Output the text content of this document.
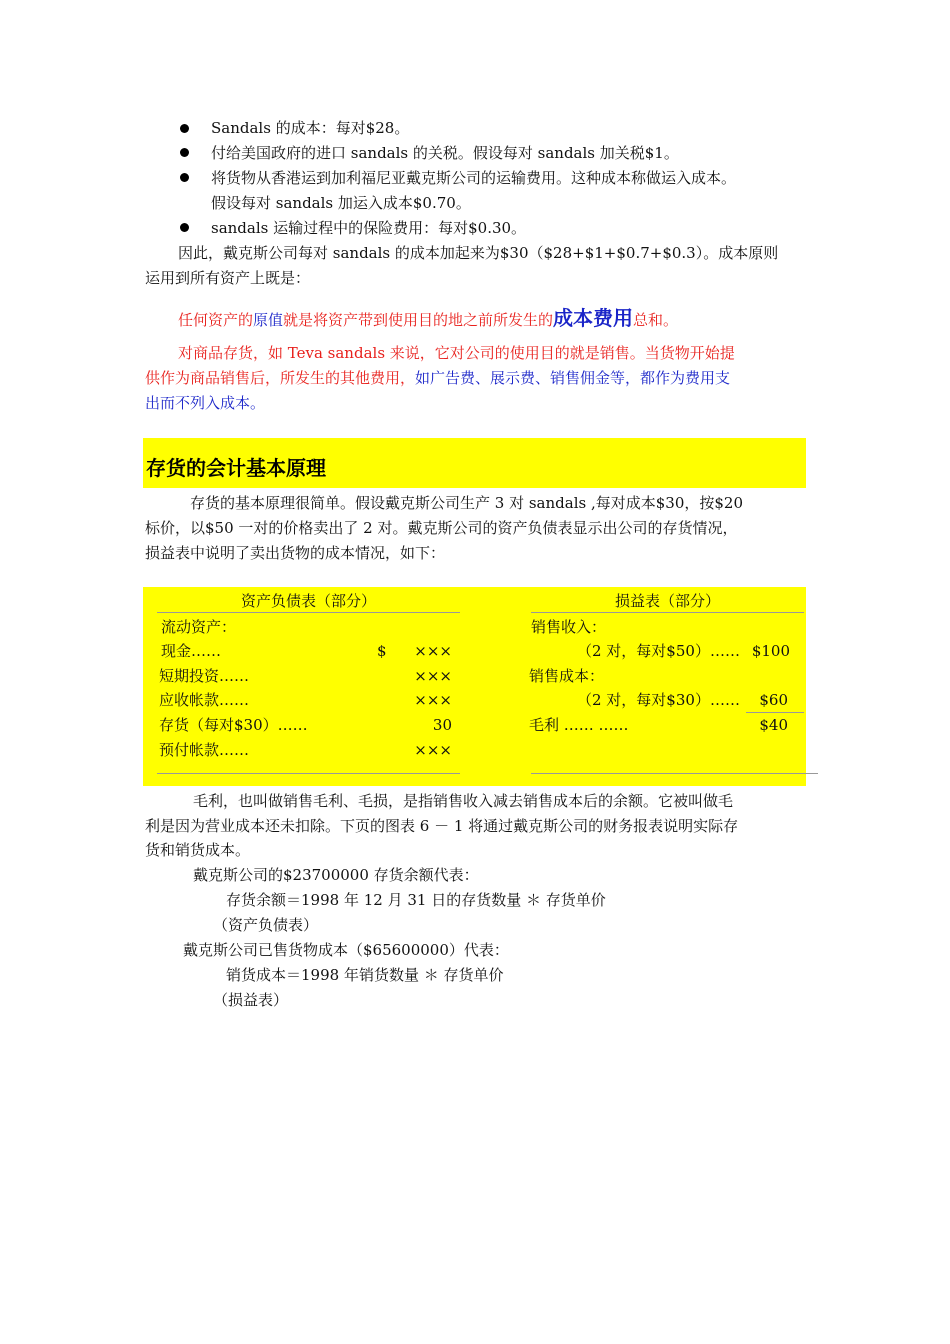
Sandals 的成本：每对$28。
付给美国政府的进口 sandals 的关税。假设每对 sandals 加关税$1。
将货物从香港运到加利福尼亚戴克斯公司的运输费用。这种成本称做运入成本。
假设每对 sandals 加运入成本$0.70。
sandals 运输过程中的保险费用：每对$0.30。
因此，戴克斯公司每对 sandals 的成本加起来为$30（$28+$1+$0.7+$0.3）。成本原则
运用到所有资产上既是：
任何资产的原值就是将资产带到使用目的地之前所发生的成本费用总和。
对商品存货，如 Teva sandals 来说，它对公司的使用目的就是销售。当货物开始提
供作为商品销售后，所发生的其他费用，如广告费、展示费、销售佣金等，都作为费用支
出而不列入成本。
存货的会计基本原理
存货的基本原理很简单。假设戴克斯公司生产 3 对 sandals ,每对成本$30，按$20
标价，以$50 一对的价格卖出了 2 对。戴克斯公司的资产负债表显示出公司的存货情况，
损益表中说明了卖出货物的成本情况，如下：
资产负债表（部分）
流动资产：
现金……	$	×××
短期投资……	×××
应收帐款……	×××
存货（每对$30）……	30
预付帐款……	×××
损益表（部分）
销售收入：
（2 对，每对$50）…… $100
销售成本：
（2 对，每对$30）……	$60
毛利 …… ……	$40
毛利，也叫做销售毛利、毛损，是指销售收入减去销售成本后的余额。它被叫做毛
利是因为营业成本还未扣除。下页的图表 6 － 1 将通过戴克斯公司的财务报表说明实际存
货和销货成本。
戴克斯公司的$23700000 存货余额代表：
存货余额＝1998 年 12 月 31 日的存货数量 ＊ 存货单价
（资产负债表）
戴克斯公司已售货物成本（$65600000）代表：
销货成本＝1998 年销货数量 ＊ 存货单价
（损益表）
